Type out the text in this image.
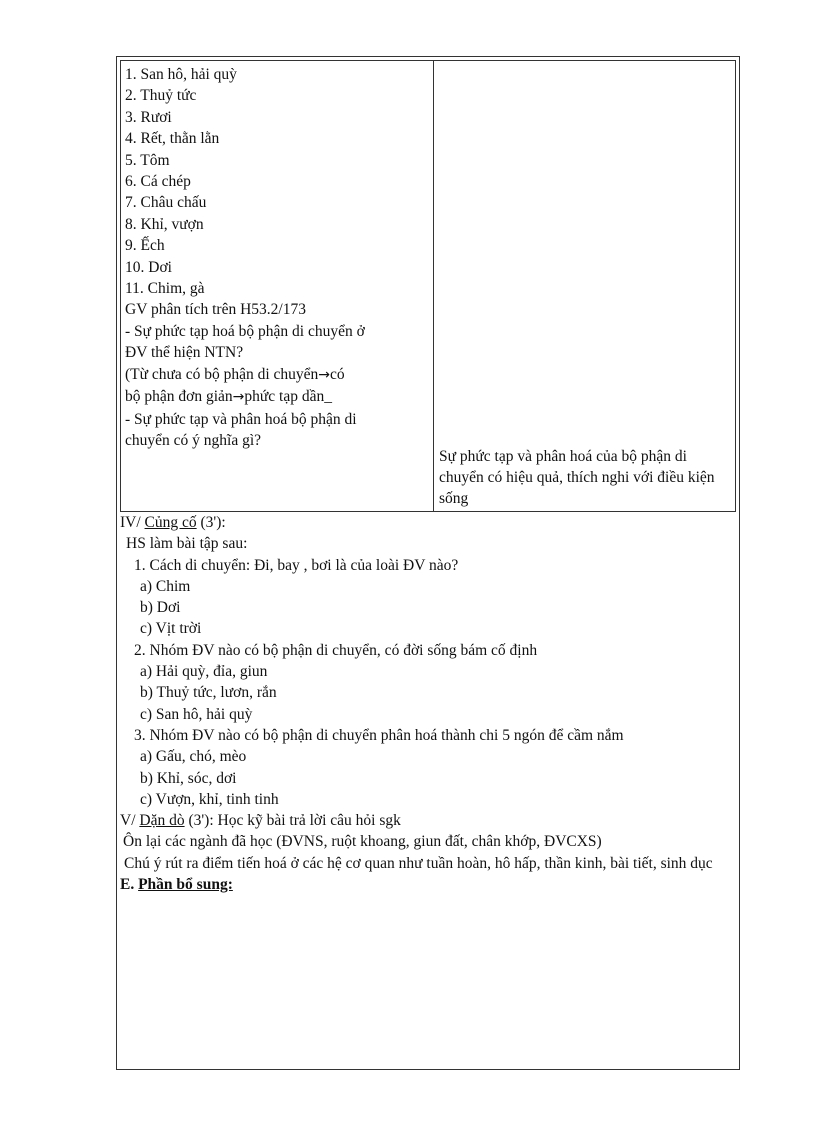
1. San hô, hải quỳ
2. Thuỷ tức
3. Rươi
4. Rết, thằn lằn
5. Tôm
6. Cá chép
7. Châu chấu
8. Khỉ, vượn
9. Ếch
10. Dơi
11. Chim, gà
GV phân tích trên H53.2/173
- Sự phức tạp hoá bộ phận di chuyển ở
ĐV thể hiện NTN?
(Từ chưa có bộ phận di chuyển→có
bộ phận đơn giản→phức tạp dần_
- Sự phức tạp và phân hoá bộ phận di
chuyển có ý nghĩa gì?
Sự phức tạp và phân hoá của bộ phận di chuyển có hiệu quả, thích nghi với điều kiện sống
IV/ Củng cố (3'):
HS làm bài tập sau:
1. Cách di chuyển: Đi, bay , bơi là của loài ĐV nào?
a) Chim
b) Dơi
c) Vịt trời
2. Nhóm ĐV nào có bộ phận di chuyển, có đời sống bám cố định
a) Hải quỳ, đỉa, giun
b) Thuỷ tức, lươn, rắn
c) San hô, hải quỳ
3. Nhóm ĐV nào có bộ phận di chuyển phân hoá thành chi 5 ngón để cầm nắm
a) Gấu, chó, mèo
b) Khỉ, sóc, dơi
c) Vượn, khỉ, tinh tinh
V/ Dặn dò (3'): Học kỹ bài trả lời câu hỏi sgk
Ôn lại các ngành đã học (ĐVNS, ruột khoang, giun đất, chân khớp, ĐVCXS)
Chú ý rút ra điểm tiến hoá ở các hệ cơ quan như tuần hoàn, hô hấp, thần kinh, bài tiết, sinh dục
E. Phần bổ sung:
